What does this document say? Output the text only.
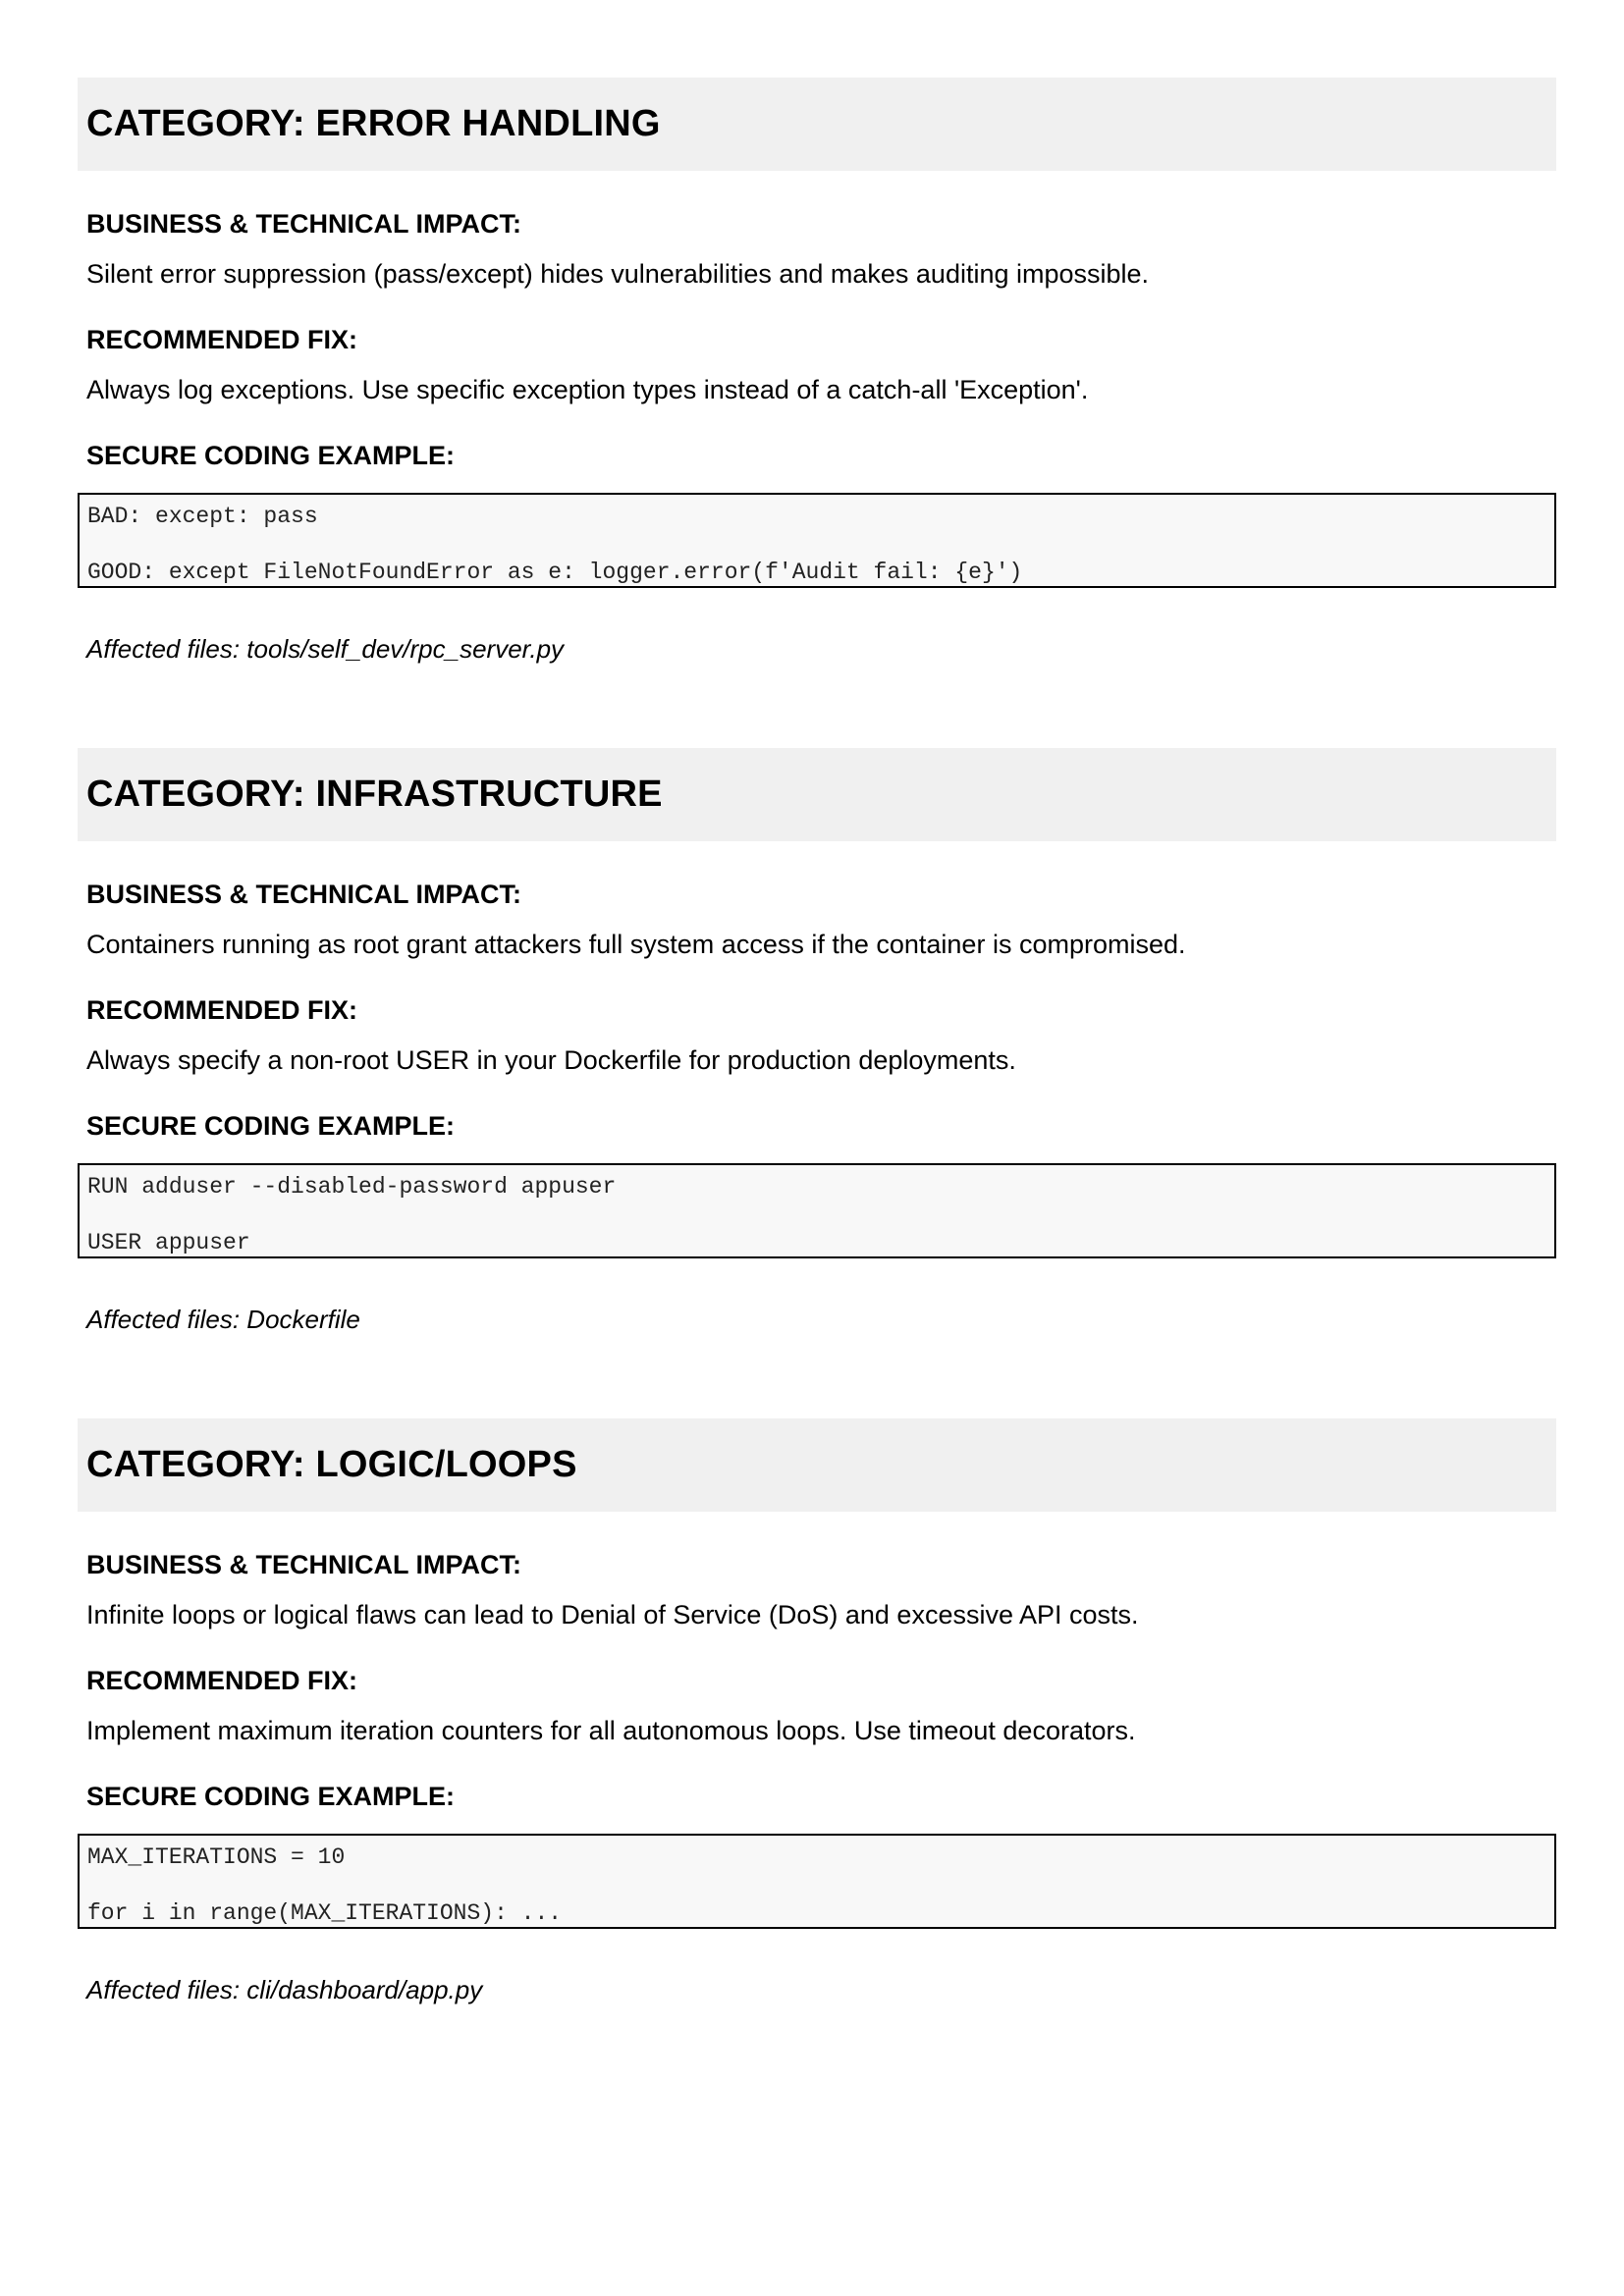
CATEGORY: ERROR HANDLING
BUSINESS & TECHNICAL IMPACT:
Silent error suppression (pass/except) hides vulnerabilities and makes auditing impossible.
RECOMMENDED FIX:
Always log exceptions. Use specific exception types instead of a catch-all 'Exception'.
SECURE CODING EXAMPLE:
BAD: except: pass
GOOD: except FileNotFoundError as e: logger.error(f'Audit fail: {e}')
Affected files: tools/self_dev/rpc_server.py
CATEGORY: INFRASTRUCTURE
BUSINESS & TECHNICAL IMPACT:
Containers running as root grant attackers full system access if the container is compromised.
RECOMMENDED FIX:
Always specify a non-root USER in your Dockerfile for production deployments.
SECURE CODING EXAMPLE:
RUN adduser --disabled-password appuser
USER appuser
Affected files: Dockerfile
CATEGORY: LOGIC/LOOPS
BUSINESS & TECHNICAL IMPACT:
Infinite loops or logical flaws can lead to Denial of Service (DoS) and excessive API costs.
RECOMMENDED FIX:
Implement maximum iteration counters for all autonomous loops. Use timeout decorators.
SECURE CODING EXAMPLE:
MAX_ITERATIONS = 10
for i in range(MAX_ITERATIONS): ...
Affected files: cli/dashboard/app.py
